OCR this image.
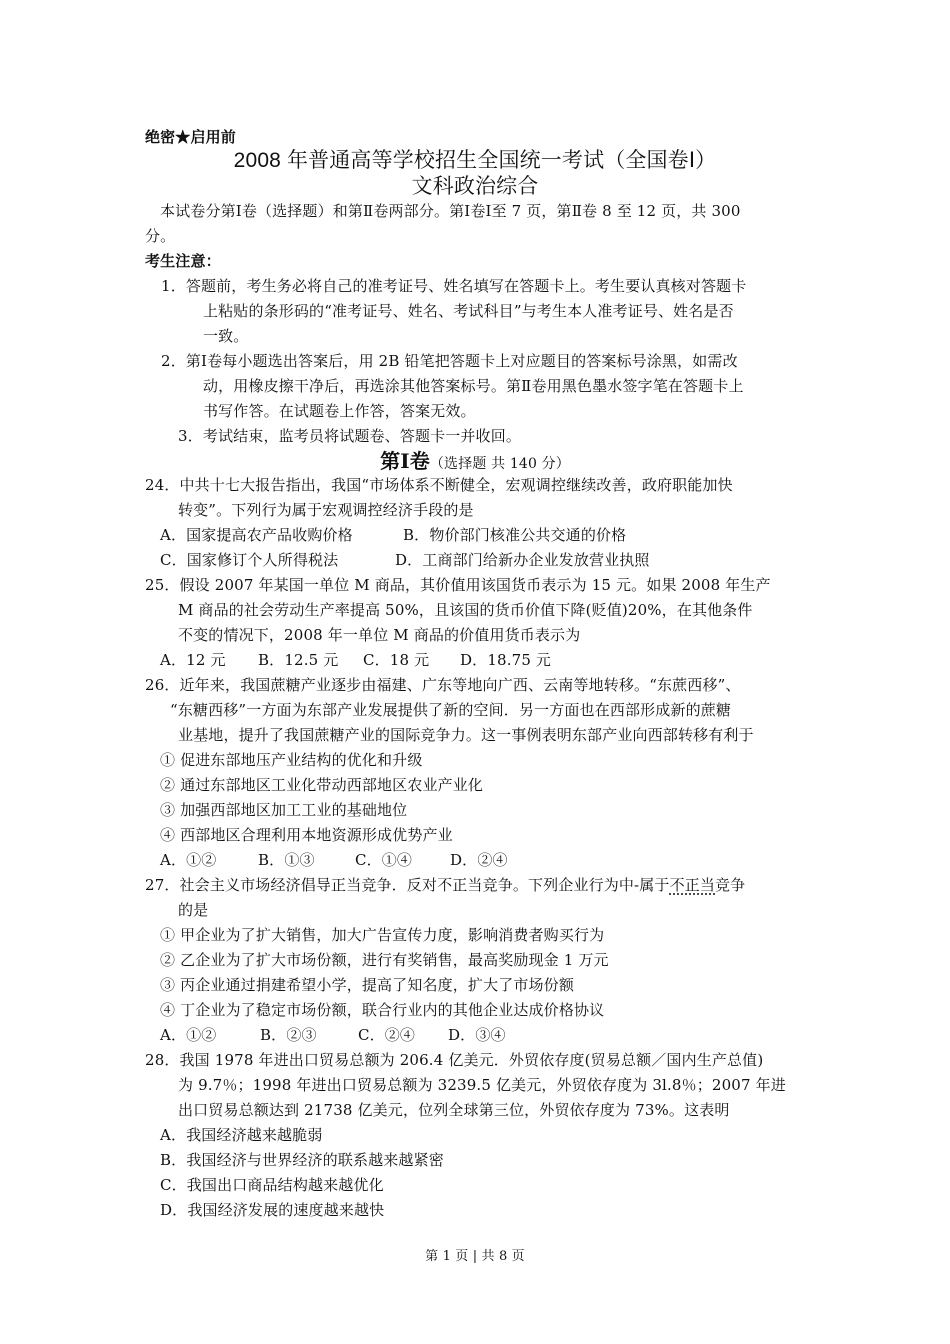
绝密★启用前
2008 年普通高等学校招生全国统一考试（全国卷Ⅰ）
文科政治综合
本试卷分第Ⅰ卷（选择题）和第Ⅱ卷两部分。第Ⅰ卷Ⅰ至 7 页，第Ⅱ卷 8 至 12 页，共 300
分。
考生注意：
1．答题前，考生务必将自己的准考证号、姓名填写在答题卡上。考生要认真核对答题卡
上粘贴的条形码的“准考证号、姓名、考试科目”与考生本人准考证号、姓名是否
一致。
2．第Ⅰ卷每小题选出答案后，用 2B 铅笔把答题卡上对应题目的答案标号涂黑，如需改
动，用橡皮擦干净后，再选涂其他答案标号。第Ⅱ卷用黑色墨水签字笔在答题卡上
书写作答。在试题卷上作答，答案无效。
3．考试结束，监考员将试题卷、答题卡一并收回。
第Ⅰ卷（选择题 共 140 分）
24．中共十七大报告指出，我国“市场体系不断健全，宏观调控继续改善，政府职能加快
转变”。下列行为属于宏观调控经济手段的是
A．国家提高农产品收购价格	B．物价部门核准公共交通的价格
C．国家修订个人所得税法	D．工商部门给新办企业发放营业执照
25．假设 2007 年某国一单位 M 商品，其价值用该国货币表示为 15 元。如果 2008 年生产
M 商品的社会劳动生产率提高 50%，且该国的货币价值下降(贬值)20%，在其他条件
不变的情况下，2008 年一单位 M 商品的价值用货币表示为
A．12 元 B．12.5 元 C．18 元 D．18.75 元
26．近年来，我国蔗糖产业逐步由福建、广东等地向广西、云南等地转移。“东蔗西移”、
“东糖西移”一方面为东部产业发展提供了新的空间．另一方面也在西部形成新的蔗糖
业基地，提升了我国蔗糖产业的国际竞争力。这一事例表明东部产业向西部转移有利于
① 促进东部地压产业结构的优化和升级
② 通过东部地区工业化带动西部地区农业产业化
③ 加强西部地区加工工业的基础地位
④ 西部地区合理利用本地资源形成优势产业
A．①②	B．①③	C．①④	D．②④
27．社会主义市场经济倡导正当竞争．反对不正当竞争。下列企业行为中-属于不正当竞争
的是
① 甲企业为了扩大销售，加大广告宣传力度，影响消费者购买行为
② 乙企业为了扩大市场份额，进行有奖销售，最高奖励现金 1 万元
③ 丙企业通过捐建希望小学，提高了知名度，扩大了市场份额
④ 丁企业为了稳定市场份额，联合行业内的其他企业达成价格协议
A．①②	B．②③	C．②④ D．③④
28．我国 1978 年进出口贸易总额为 206.4 亿美元．外贸依存度(贸易总额／国内生产总值)
为 9.7％；1998 年进出口贸易总额为 3239.5 亿美元，外贸依存度为 3l.8％；2007 年进
出口贸易总额达到 21738 亿美元，位列全球第三位，外贸依存度为 73%。这表明
A．我国经济越来越脆弱
B．我国经济与世界经济的联系越来越紧密
C．我国出口商品结构越来越优化
D．我国经济发展的速度越来越快
第 1 页 | 共 8 页
